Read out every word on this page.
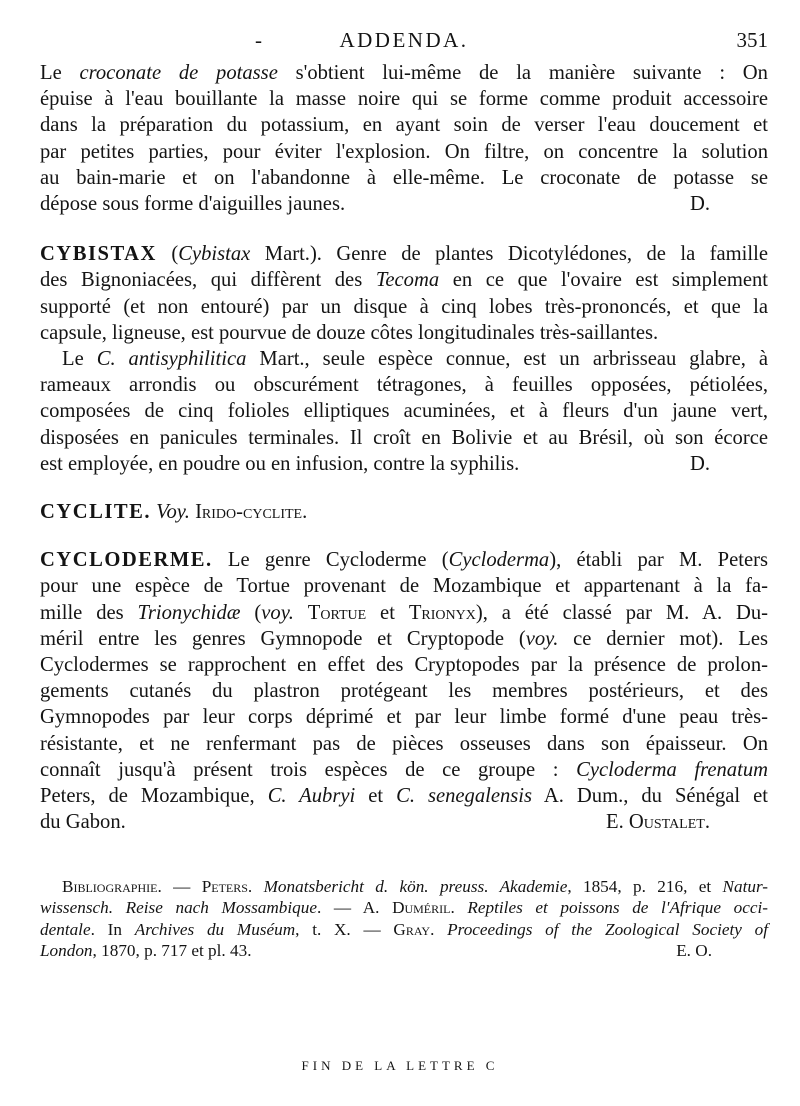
-	ADDENDA.	351
Le croconate de potasse s'obtient lui-même de la manière suivante : On
épuise à l'eau bouillante la masse noire qui se forme comme produit accessoire
dans la préparation du potassium, en ayant soin de verser l'eau doucement et
par petites parties, pour éviter l'explosion. On filtre, on concentre la solution
au bain-marie et on l'abandonne à elle-même. Le croconate de potasse se
dépose sous forme d'aiguilles jaunes.	D.
CYBISTAX (Cybistax Mart.). Genre de plantes Dicotylédones, de la famille
des Bignoniacées, qui diffèrent des Tecoma en ce que l'ovaire est simplement
supporté (et non entouré) par un disque à cinq lobes très-prononcés, et que la
capsule, ligneuse, est pourvue de douze côtes longitudinales très-saillantes.
Le C. antisyphilitica Mart., seule espèce connue, est un arbrisseau glabre, à
rameaux arrondis ou obscurément tétragones, à feuilles opposées, pétiolées,
composées de cinq folioles elliptiques acuminées, et à fleurs d'un jaune vert,
disposées en panicules terminales. Il croît en Bolivie et au Brésil, où son écorce
est employée, en poudre ou en infusion, contre la syphilis.	D.
CYCLITE. Voy. Irido-cyclite.
CYCLODERME. Le genre Cycloderme (Cycloderma), établi par M. Peters
pour une espèce de Tortue provenant de Mozambique et appartenant à la fa-
mille des Trionychidæ (voy. Tortue et Trionyx), a été classé par M. A. Du-
méril entre les genres Gymnopode et Cryptopode (voy. ce dernier mot). Les
Cyclodermes se rapprochent en effet des Cryptopodes par la présence de prolon-
gements cutanés du plastron protégeant les membres postérieurs, et des
Gymnopodes par leur corps déprimé et par leur limbe formé d'une peau très-
résistante, et ne renfermant pas de pièces osseuses dans son épaisseur. On
connaît jusqu'à présent trois espèces de ce groupe : Cycloderma frenatum
Peters, de Mozambique, C. Aubryi et C. senegalensis A. Dum., du Sénégal et
du Gabon.	E. Oustalet.
Bibliographie. — Peters. Monatsbericht d. kön. preuss. Akademie, 1854, p. 216, et Natur-
wissensch. Reise nach Mossambique. — A. Duméril. Reptiles et poissons de l'Afrique occi-
dentale. In Archives du Muséum, t. X. — Gray. Proceedings of the Zoological Society of
London, 1870, p. 717 et pl. 43.	E. O.
FIN DE LA LETTRE C
